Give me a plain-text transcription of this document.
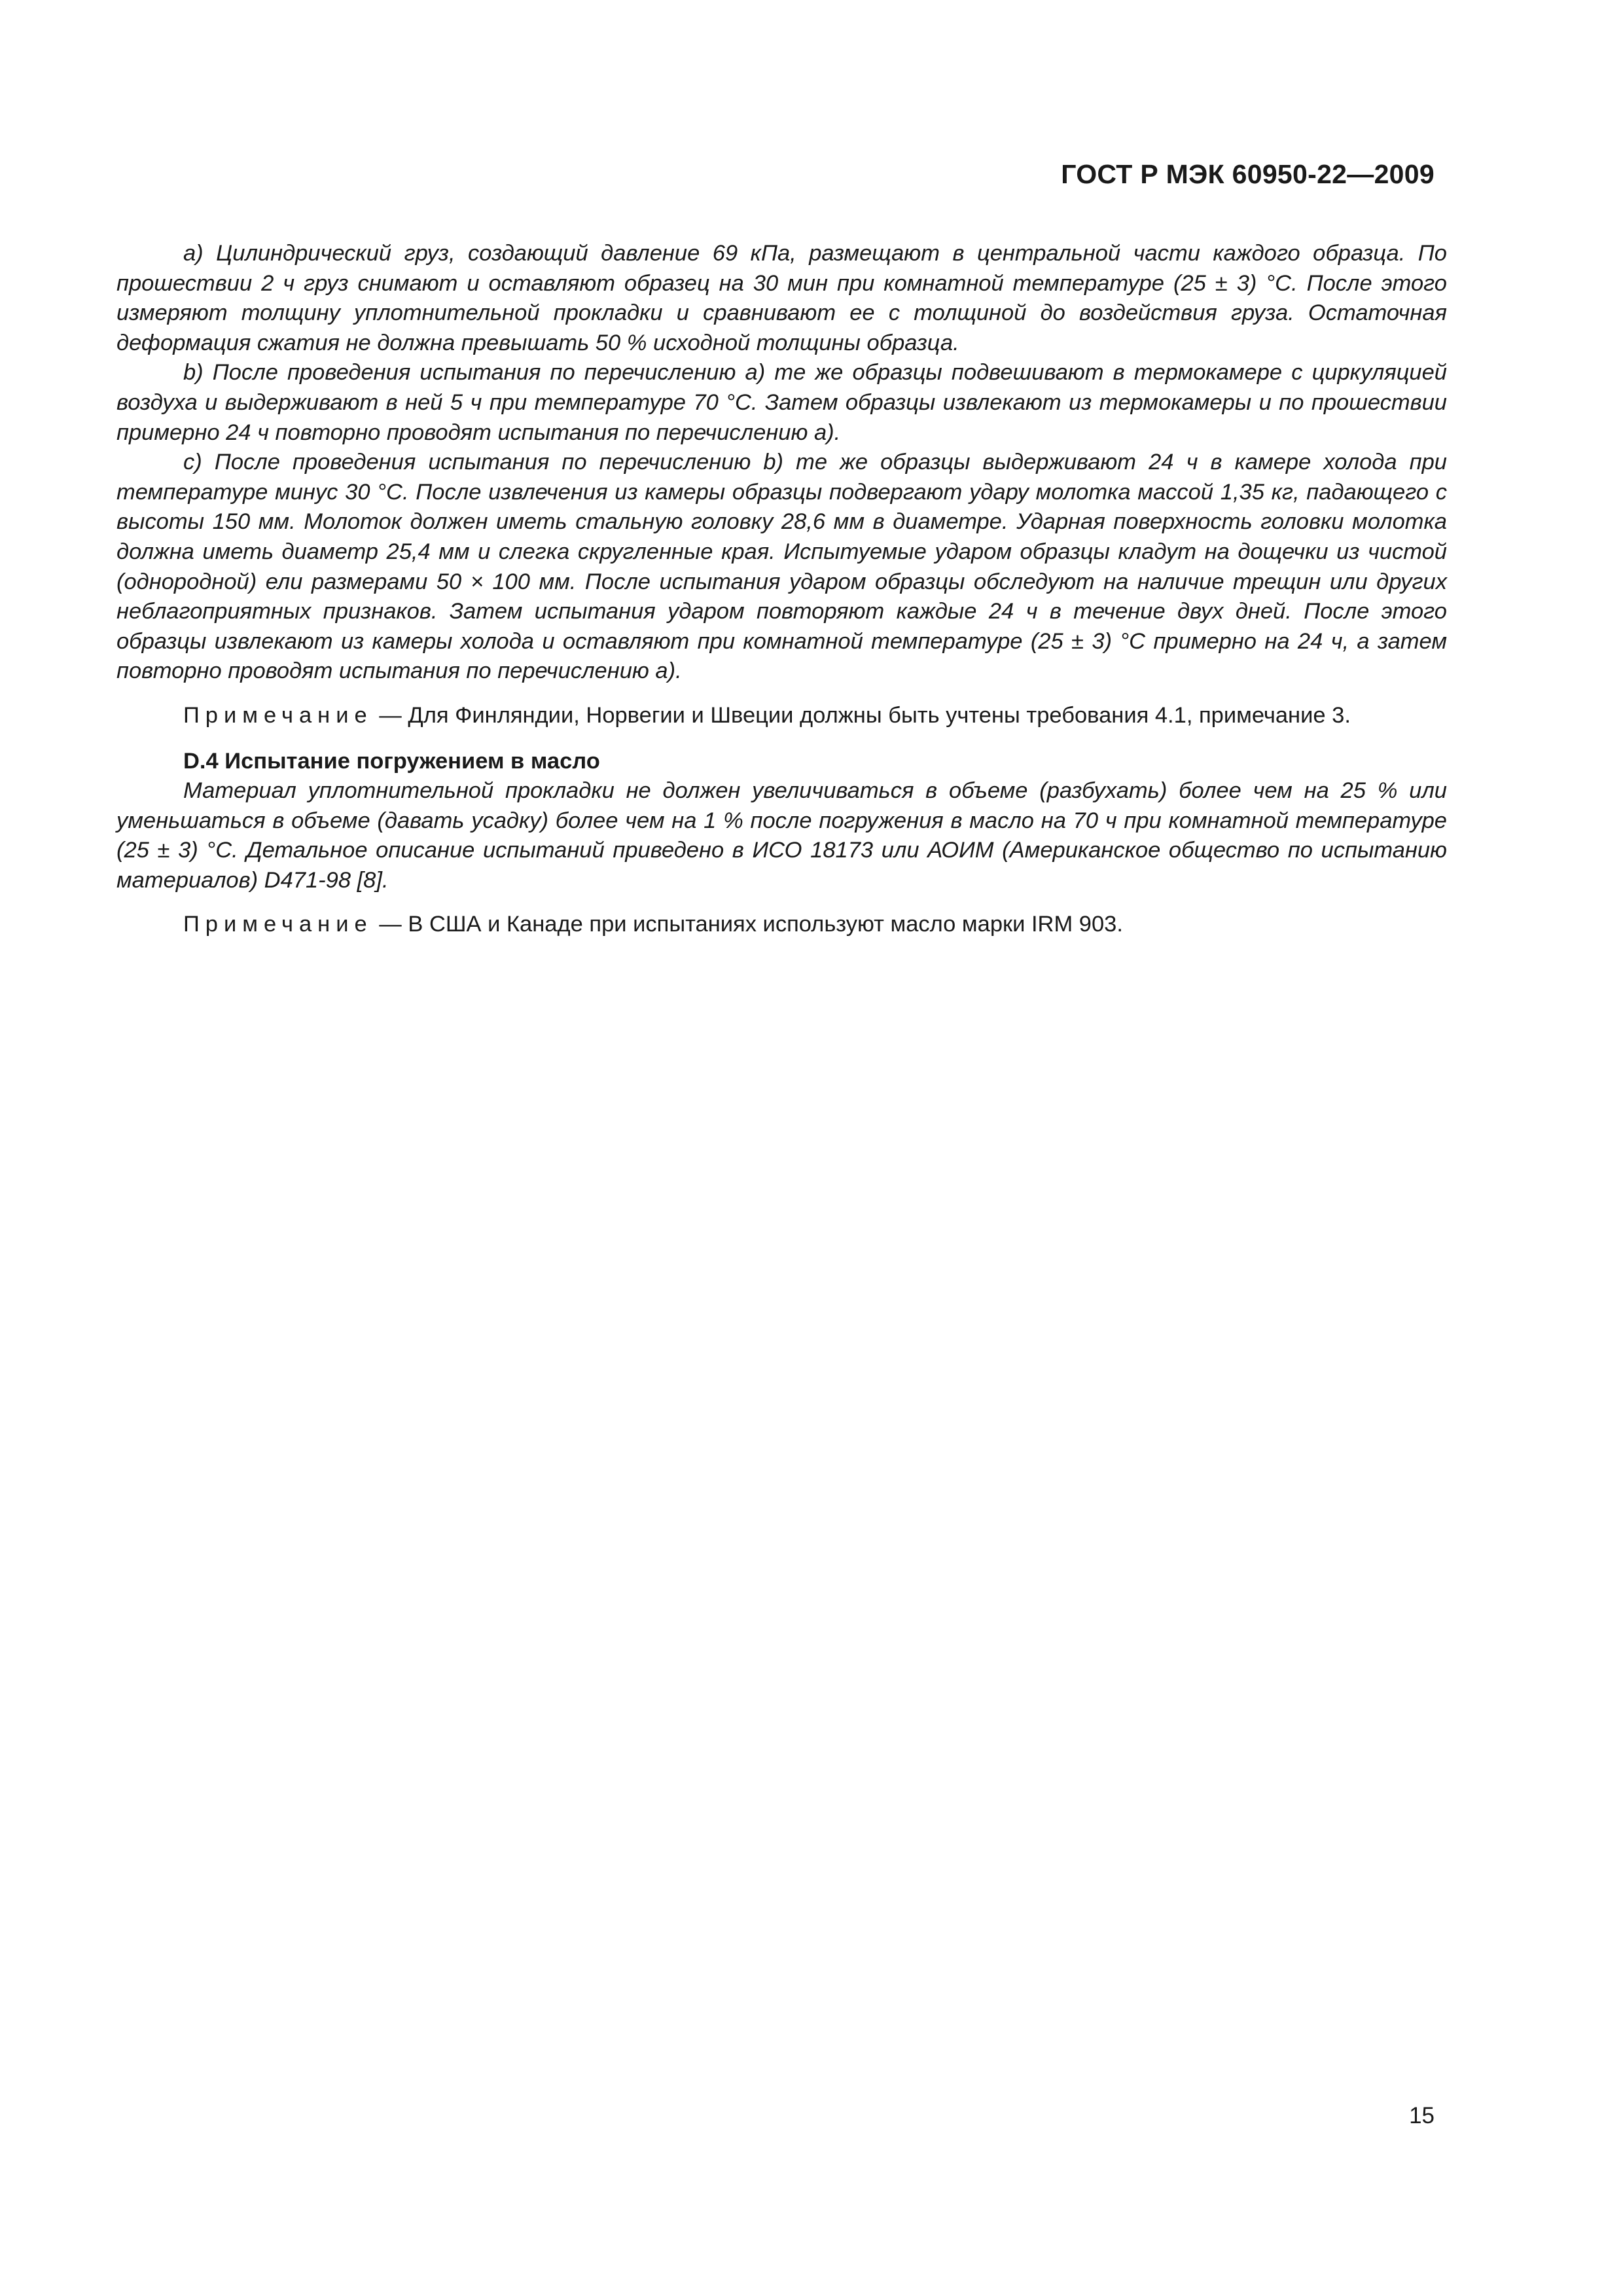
ГОСТ Р МЭК 60950-22—2009

а) Цилиндрический груз, создающий давление 69 кПа, размещают в центральной части каждого образца. По прошествии 2 ч груз снимают и оставляют образец на 30 мин при комнатной температуре (25 ± 3) °С. После этого измеряют толщину уплотнительной прокладки и сравнивают ее с толщиной до воздействия груза. Остаточная деформация сжатия не должна превышать 50 % исходной толщины образца.

b) После проведения испытания по перечислению а) те же образцы подвешивают в термокамере с циркуляцией воздуха и выдерживают в ней 5 ч при температуре 70 °С. Затем образцы извлекают из термокамеры и по прошествии примерно 24 ч повторно проводят испытания по перечислению а).

c) После проведения испытания по перечислению b) те же образцы выдерживают 24 ч в камере холода при температуре минус 30 °С. После извлечения из камеры образцы подвергают удару молотка массой 1,35 кг, падающего с высоты 150 мм. Молоток должен иметь стальную головку 28,6 мм в диаметре. Ударная поверхность головки молотка должна иметь диаметр 25,4 мм и слегка скругленные края. Испытуемые ударом образцы кладут на дощечки из чистой (однородной) ели размерами 50 × 100 мм. После испытания ударом образцы обследуют на наличие трещин или других неблагоприятных признаков. Затем испытания ударом повторяют каждые 24 ч в течение двух дней. После этого образцы извлекают из камеры холода и оставляют при комнатной температуре (25 ± 3) °С примерно на 24 ч, а затем повторно проводят испытания по перечислению а).

Примечание — Для Финляндии, Норвегии и Швеции должны быть учтены требования 4.1, примечание 3.

D.4 Испытание погружением в масло

Материал уплотнительной прокладки не должен увеличиваться в объеме (разбухать) более чем на 25 % или уменьшаться в объеме (давать усадку) более чем на 1 % после погружения в масло на 70 ч при комнатной температуре (25 ± 3) °С. Детальное описание испытаний приведено в ИСО 18173 или АОИМ (Американское общество по испытанию материалов) D471-98 [8].

Примечание — В США и Канаде при испытаниях используют масло марки IRM 903.

15
